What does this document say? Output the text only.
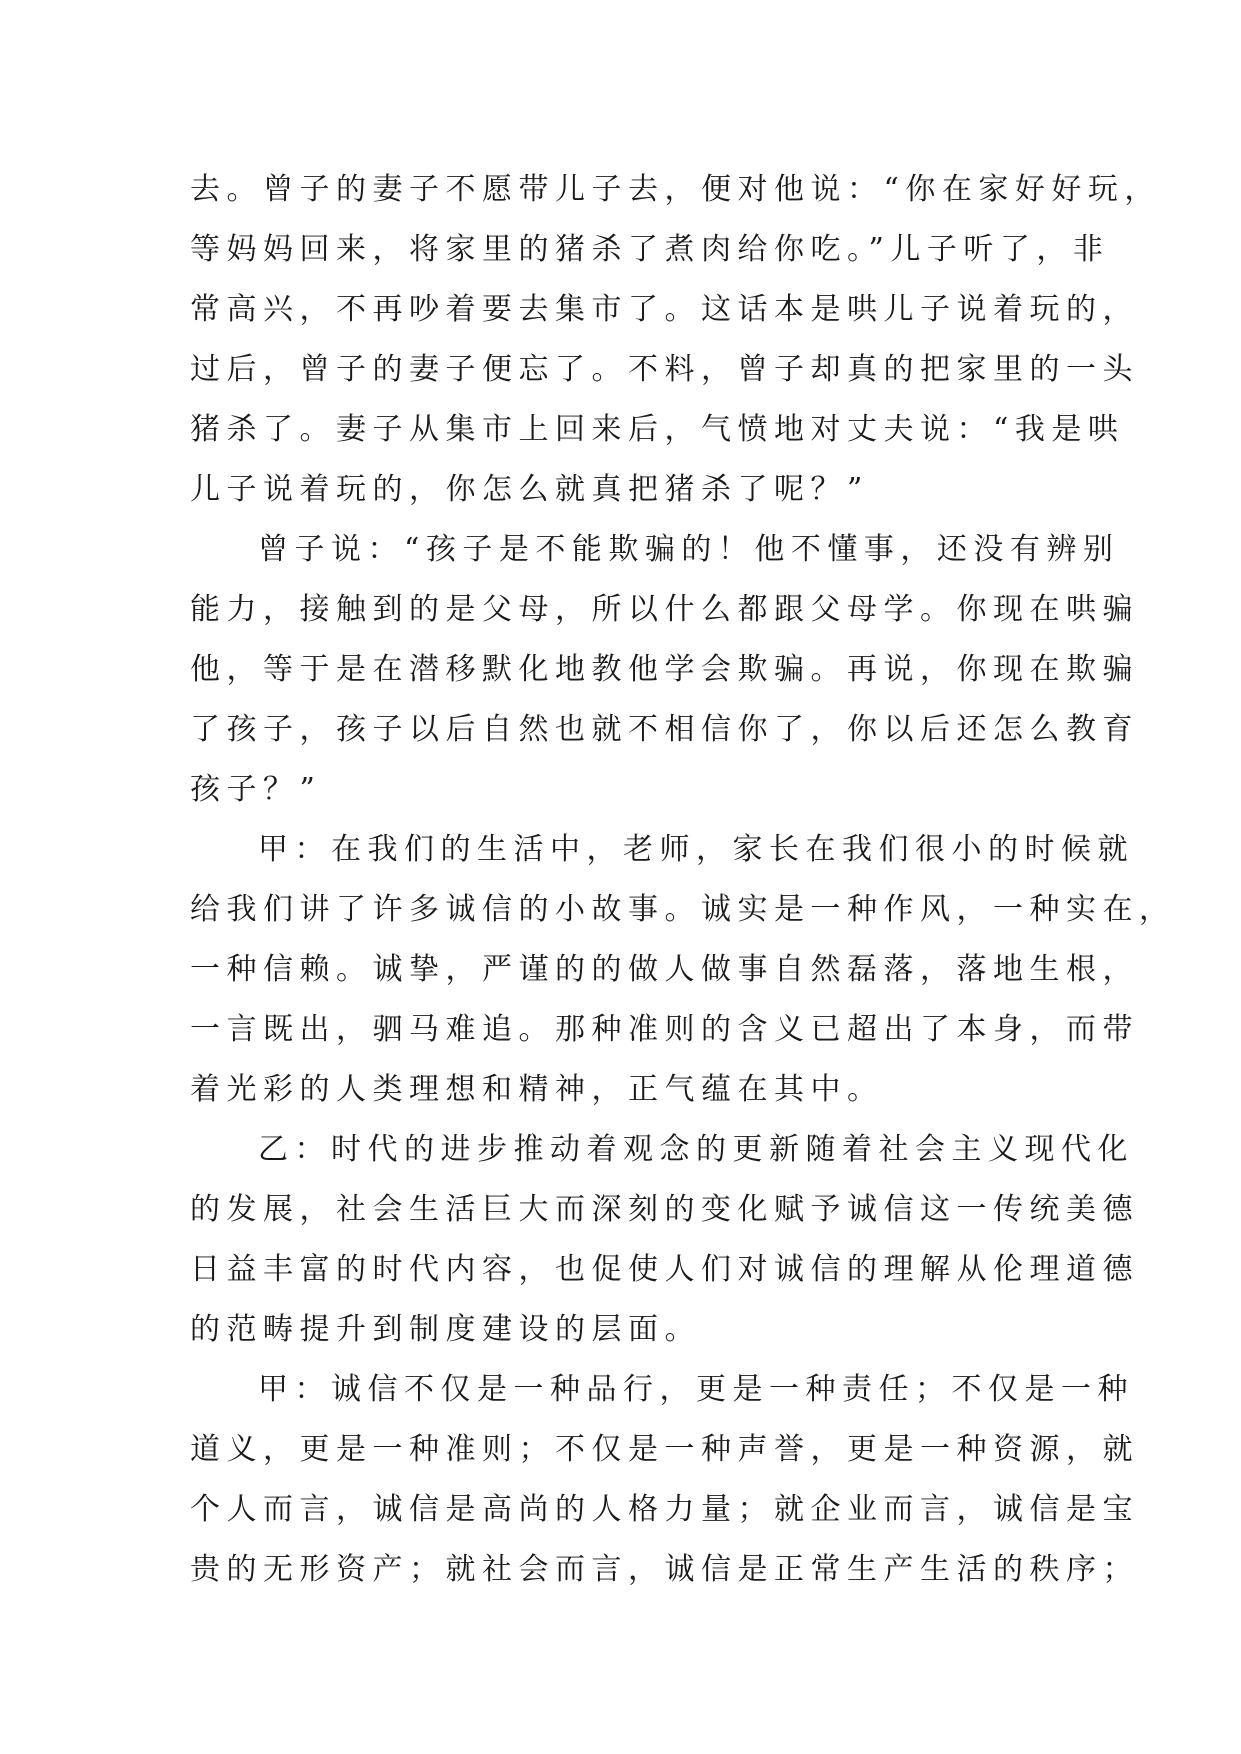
去。曾子的妻子不愿带儿子去，便对他说：“你在家好好玩，
等妈妈回来，将家里的猪杀了煮肉给你吃。”儿子听了，非
常高兴，不再吵着要去集市了。这话本是哄儿子说着玩的，
过后，曾子的妻子便忘了。不料，曾子却真的把家里的一头
猪杀了。妻子从集市上回来后，气愤地对丈夫说：“我是哄
儿子说着玩的，你怎么就真把猪杀了呢？”

曾子说：“孩子是不能欺骗的！他不懂事，还没有辨别
能力，接触到的是父母，所以什么都跟父母学。你现在哄骗
他，等于是在潜移默化地教他学会欺骗。再说，你现在欺骗
了孩子，孩子以后自然也就不相信你了，你以后还怎么教育
孩子？”

甲：在我们的生活中，老师，家长在我们很小的时候就
给我们讲了许多诚信的小故事。诚实是一种作风，一种实在，
一种信赖。诚挚，严谨的的做人做事自然磊落，落地生根，
一言既出，驷马难追。那种准则的含义已超出了本身，而带
着光彩的人类理想和精神，正气蕴在其中。

乙：时代的进步推动着观念的更新随着社会主义现代化
的发展，社会生活巨大而深刻的变化赋予诚信这一传统美德
日益丰富的时代内容，也促使人们对诚信的理解从伦理道德
的范畴提升到制度建设的层面。

甲：诚信不仅是一种品行，更是一种责任；不仅是一种
道义，更是一种准则；不仅是一种声誉，更是一种资源，就
个人而言，诚信是高尚的人格力量；就企业而言，诚信是宝
贵的无形资产；就社会而言，诚信是正常生产生活的秩序；
